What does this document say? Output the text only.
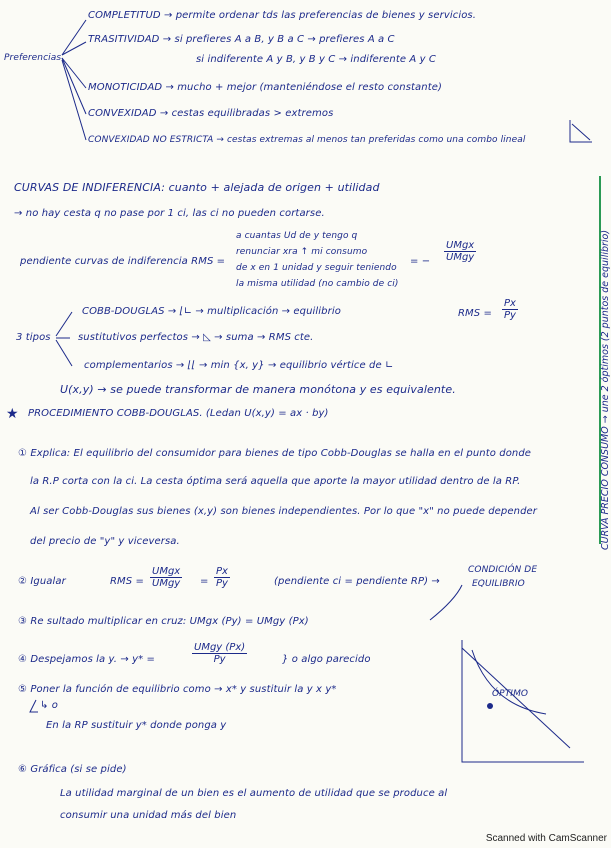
★
Preferencias
COMPLETITUD → permite ordenar tds las preferencias de bienes y servicios.
TRASITIVIDAD → si prefieres A a B, y B a C → prefieres A a C
si indiferente A y B, y B y C → indiferente A y C
MONOTICIDAD → mucho + mejor (manteniéndose el resto constante)
CONVEXIDAD → cestas equilibradas > extremos
CONVEXIDAD NO ESTRICTA → cestas extremas al menos tan preferidas como una combo lineal
CURVAS DE INDIFERENCIA: cuanto + alejada de origen + utilidad
→ no hay cesta q no pase por 1 ci, las ci no pueden cortarse.
pendiente curvas de indiferencia RMS =
a cuantas Ud de y tengo q
renunciar xra ↑ mi consumo
de x en 1 unidad y seguir teniendo
la misma utilidad (no cambio de ci)
= −
UMgx
UMgy
3 tipos
COBB-DOUGLAS → ⌊∟ → multiplicación → equilibrio
sustitutivos perfectos → ◺ → suma → RMS cte.
complementarios → ⌊⌊ → min {x, y} → equilibrio vértice de ∟
RMS = $\frac{Px}{Py}$
U(x,y) → se puede transformar de manera monótona y es equivalente.
PROCEDIMIENTO COBB-DOUGLAS. (Ledan U(x,y) = ax · by)
① Explica: El equilibrio del consumidor para bienes de tipo Cobb-Douglas se halla en el punto donde
la R.P corta con la ci. La cesta óptima será aquella que aporte la mayor utilidad dentro de la RP.
Al ser Cobb-Douglas sus bienes (x,y) son bienes independientes. Por lo que "x" no puede depender
del precio de "y" y viceversa.
② Igualar	RMS =
UMgx
UMgy = $\frac{Px}{Py}$	(pendiente ci = pendiente RP) →
CONDICIÓN DE
EQUILIBRIO
③ Re sultado multiplicar en cruz: UMgx (Py) = UMgy (Px)
④ Despejamos la y. → y* =
UMgy (Px)
Py	} o algo parecido
⑤ Poner la función de equilibrio como → x* y sustituir la y x y*
↳ o
En la RP sustituir y* donde ponga y
ÓPTIMO
⑥ Gráfica (si se pide)
La utilidad marginal de un bien es el aumento de utilidad que se produce al
consumir una unidad más del bien
CURVA PRECIO CONSUMO → une 2 óptimos (2 puntos de equilibrio)
Scanned with CamScanner
